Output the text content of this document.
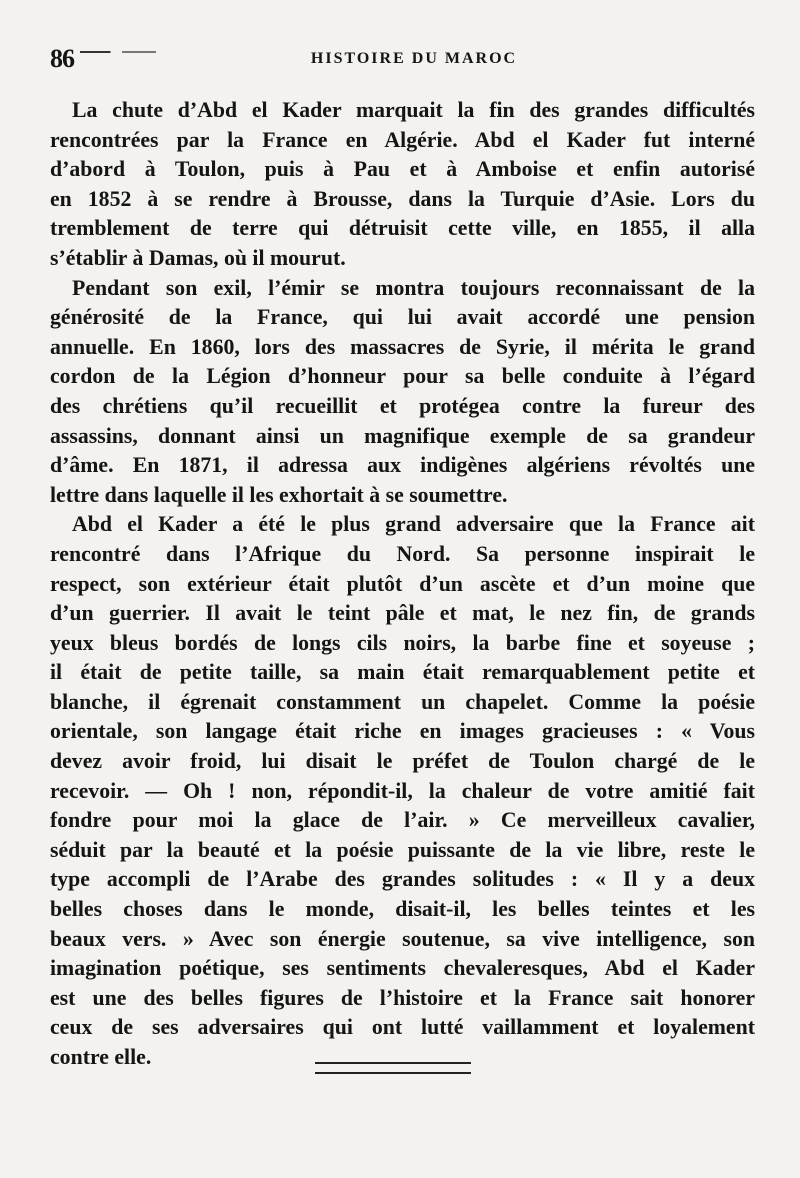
86	HISTOIRE DU MAROC
La chute d’Abd el Kader marquait la fin des grandes difficultés
rencontrées par la France en Algérie. Abd el Kader fut interné
d’abord à Toulon, puis à Pau et à Amboise et enfin autorisé
en 1852 à se rendre à Brousse, dans la Turquie d’Asie. Lors du
tremblement de terre qui détruisit cette ville, en 1855, il alla
s’établir à Damas, où il mourut.
Pendant son exil, l’émir se montra toujours reconnaissant de la
générosité de la France, qui lui avait accordé une pension
annuelle. En 1860, lors des massacres de Syrie, il mérita le grand
cordon de la Légion d’honneur pour sa belle conduite à l’égard
des chrétiens qu’il recueillit et protégea contre la fureur des
assassins, donnant ainsi un magnifique exemple de sa grandeur
d’âme. En 1871, il adressa aux indigènes algériens révoltés une
lettre dans laquelle il les exhortait à se soumettre.
Abd el Kader a été le plus grand adversaire que la France ait
rencontré dans l’Afrique du Nord. Sa personne inspirait le
respect, son extérieur était plutôt d’un ascète et d’un moine que
d’un guerrier. Il avait le teint pâle et mat, le nez fin, de grands
yeux bleus bordés de longs cils noirs, la barbe fine et soyeuse ;
il était de petite taille, sa main était remarquablement petite et
blanche, il égrenait constamment un chapelet. Comme la poésie
orientale, son langage était riche en images gracieuses : « Vous
devez avoir froid, lui disait le préfet de Toulon chargé de le
recevoir. — Oh ! non, répondit-il, la chaleur de votre amitié fait
fondre pour moi la glace de l’air. » Ce merveilleux cavalier,
séduit par la beauté et la poésie puissante de la vie libre, reste le
type accompli de l’Arabe des grandes solitudes : « Il y a deux
belles choses dans le monde, disait-il, les belles teintes et les
beaux vers. » Avec son énergie soutenue, sa vive intelligence, son
imagination poétique, ses sentiments chevaleresques, Abd el Kader
est une des belles figures de l’histoire et la France sait honorer
ceux de ses adversaires qui ont lutté vaillamment et loyalement
contre elle.
